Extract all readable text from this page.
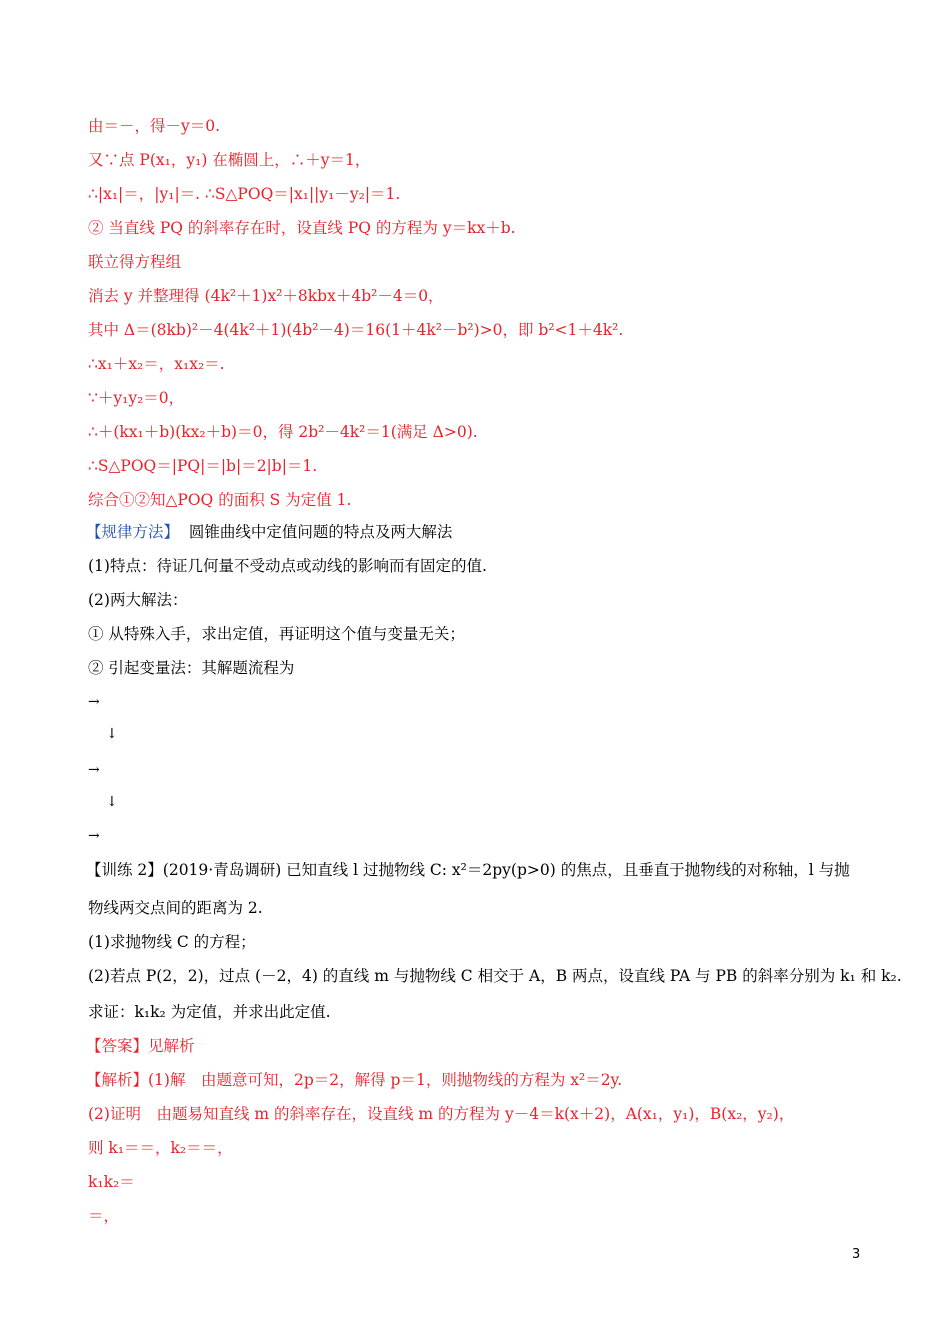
由＝－，得－y＝0.
又∵点 P(x₁，y₁) 在椭圆上，∴＋y＝1，
∴|x₁|＝，|y₁|＝. ∴S△POQ＝|x₁||y₁－y₂|＝1.
② 当直线 PQ 的斜率存在时，设直线 PQ 的方程为 y＝kx＋b.
联立得方程组
消去 y 并整理得 (4k²＋1)x²＋8kbx＋4b²－4＝0，
其中 Δ＝(8kb)²－4(4k²＋1)(4b²－4)＝16(1＋4k²－b²)>0，即 b²<1＋4k².
∴x₁＋x₂＝，x₁x₂＝.
∵＋y₁y₂＝0，
∴＋(kx₁＋b)(kx₂＋b)＝0，得 2b²－4k²＝1(满足 Δ>0).
∴S△POQ＝|PQ|＝|b|＝2|b|＝1.
综合①②知△POQ 的面积 S 为定值 1.
【规律方法】 圆锥曲线中定值问题的特点及两大解法
(1)特点：待证几何量不受动点或动线的影响而有固定的值.
(2)两大解法：
① 从特殊入手，求出定值，再证明这个值与变量无关；
② 引起变量法：其解题流程为
→
↓
→
↓
→
【训练 2】(2019·青岛调研) 已知直线 l 过抛物线 C: x²＝2py(p>0) 的焦点，且垂直于抛物线的对称轴，l 与抛
物线两交点间的距离为 2.
(1)求抛物线 C 的方程；
(2)若点 P(2，2)，过点 (－2，4) 的直线 m 与抛物线 C 相交于 A，B 两点，设直线 PA 与 PB 的斜率分别为 k₁ 和 k₂.
求证：k₁k₂ 为定值，并求出此定值.
【答案】见解析
【解析】(1)解　由题意可知，2p＝2，解得 p＝1，则抛物线的方程为 x²＝2y.
(2)证明　由题易知直线 m 的斜率存在，设直线 m 的方程为 y－4＝k(x＋2)，A(x₁，y₁)，B(x₂，y₂)，
则 k₁＝＝，k₂＝＝，
k₁k₂＝
＝，
3
